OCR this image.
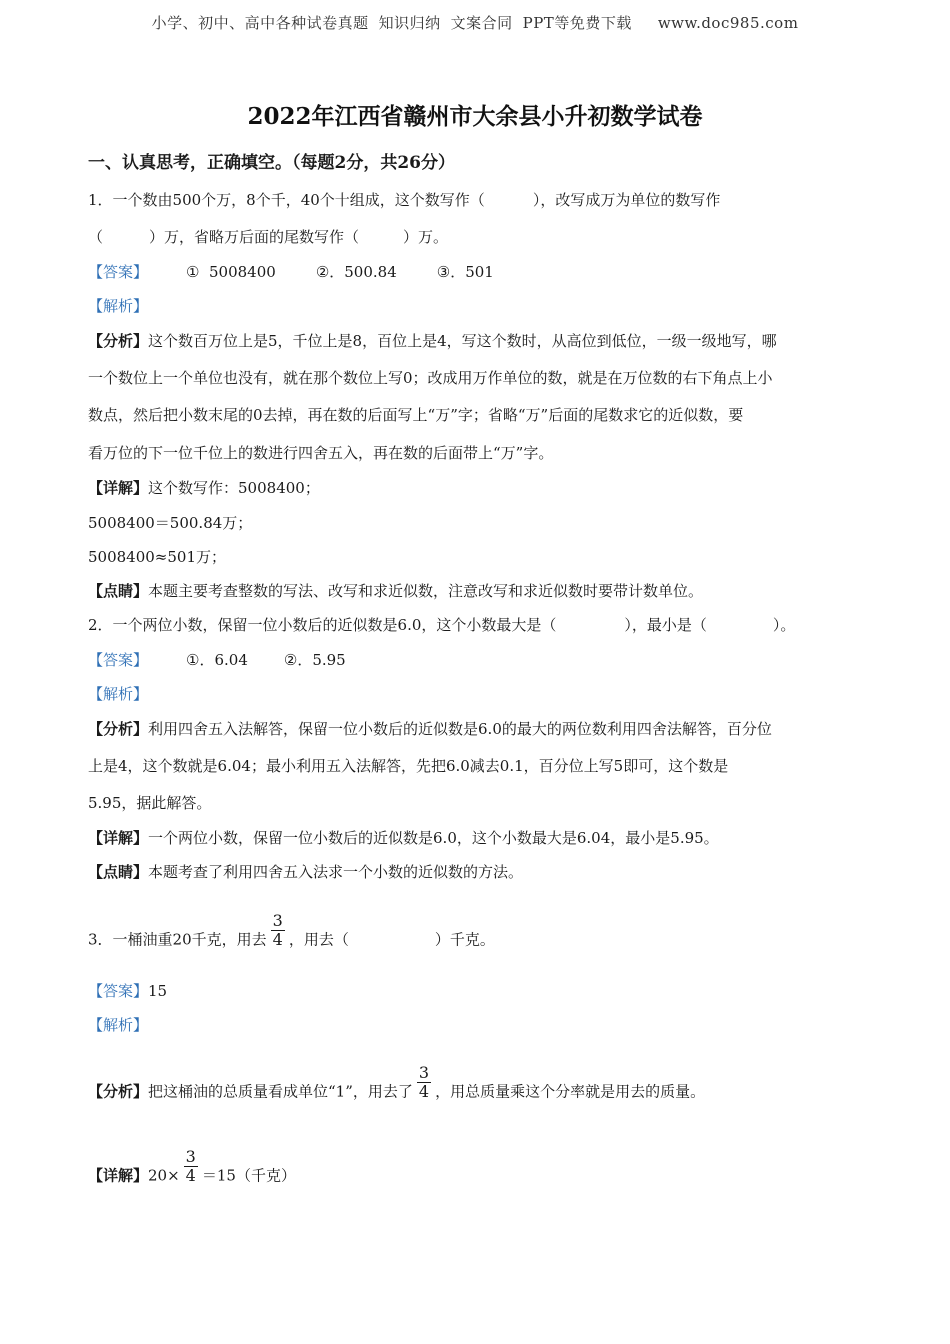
小学、初中、高中各种试卷真题 知识归纳 文案合同 PPT等免费下载 www.doc985.com
2022年江西省赣州市大余县小升初数学试卷
一、认真思考，正确填空。（每题2分，共26分）
1．一个数由500个万，8个千，40个十组成，这个数写作（	），改写成万为单位的数写作
（	）万，省略万后面的尾数写作（	）万。
【答案】	①  5008400	②．500.84	③．501
【解析】
【分析】这个数百万位上是5，千位上是8，百位上是4，写这个数时，从高位到低位，一级一级地写，哪
一个数位上一个单位也没有，就在那个数位上写0；改成用万作单位的数，就是在万位数的右下角点上小
数点，然后把小数末尾的0去掉，再在数的后面写上“万”字；省略“万”后面的尾数求它的近似数，要
看万位的下一位千位上的数进行四舍五入，再在数的后面带上“万”字。
【详解】这个数写作：5008400；
5008400＝500.84万；
5008400≈501万；
【点睛】本题主要考查整数的写法、改写和求近似数，注意改写和求近似数时要带计数单位。
2．一个两位小数，保留一位小数后的近似数是6.0，这个小数最大是（	），最小是（	）。
【答案】	①．6.04 ②．5.95
【解析】
【分析】利用四舍五入法解答，保留一位小数后的近似数是6.0的最大的两位数利用四舍法解答，百分位
上是4，这个数就是6.04；最小利用五入法解答，先把6.0减去0.1，百分位上写5即可，这个数是
5.95，据此解答。
【详解】一个两位小数，保留一位小数后的近似数是6.0，这个小数最大是6.04，最小是5.95。
【点睛】本题考查了利用四舍五入法求一个小数的近似数的方法。
3．一桶油重20千克，用去 $\frac{3}{4}$ ，用去（	）千克。
【答案】15
【解析】
【分析】把这桶油的总质量看成单位“1”，用去了 $\frac{3}{4}$ ，用总质量乘这个分率就是用去的质量。
【详解】$20\times \frac{3}{4} =15$（千克）
